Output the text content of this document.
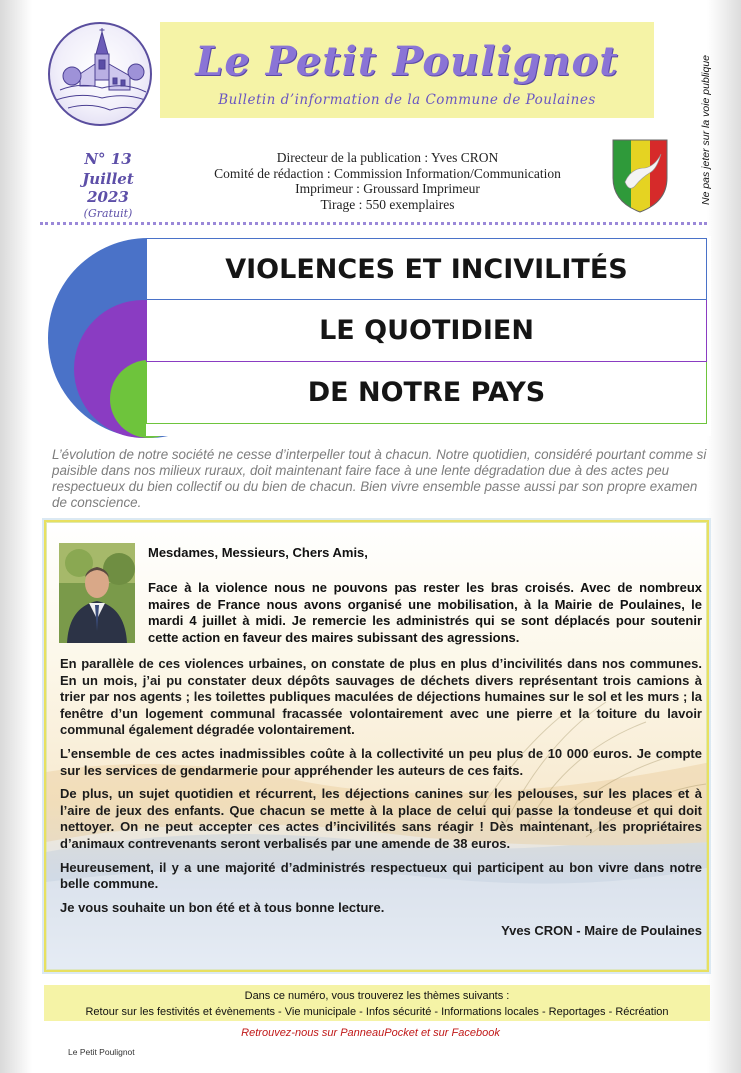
Le Petit Poulignot
Bulletin d’information de la Commune de Poulaines
N° 13
Juillet 2023
(Gratuit)
Directeur de la publication : Yves CRON
Comité de rédaction : Commission Information/Communication
Imprimeur : Groussard Imprimeur
Tirage : 550 exemplaires	Ne pas jeter sur la voie publique
VIOLENCES ET INCIVILITÉS
LE QUOTIDIEN
DE NOTRE PAYS
L’évolution de notre société ne cesse d’interpeller tout à chacun. Notre quotidien, considéré pourtant comme si paisible dans nos milieux ruraux, doit maintenant faire face à une lente dégradation due à des actes peu respectueux du bien collectif ou du bien de chacun. Bien vivre ensemble passe aussi par son propre examen de conscience.
Mesdames, Messieurs, Chers Amis,
Face à la violence nous ne pouvons pas rester les bras croisés. Avec de nombreux maires de France nous avons organisé une mobilisation, à la Mairie de Poulaines, le mardi 4 juillet à midi. Je remercie les administrés qui se sont déplacés pour soutenir cette action en faveur des maires subissant des agressions.

En parallèle de ces violences urbaines, on constate de plus en plus d’incivilités dans nos communes. En un mois, j’ai pu constater deux dépôts sauvages de déchets divers représentant trois camions à trier par nos agents ; les toilettes publiques maculées de déjections humaines sur le sol et les murs ; la fenêtre d’un logement communal fracassée volontairement avec une pierre et la toiture du lavoir communal également dégradée volontairement.

L’ensemble de ces actes inadmissibles coûte à la collectivité un peu plus de 10 000 euros. Je compte sur les services de gendarmerie pour appréhender les auteurs de ces faits.

De plus, un sujet quotidien et récurrent, les déjections canines sur les pelouses, sur les places et à l’aire de jeux des enfants. Que chacun se mette à la place de celui qui passe la tondeuse et qui doit nettoyer. On ne peut accepter ces actes d’incivilités sans réagir ! Dès maintenant, les propriétaires d’animaux contrevenants seront verbalisés par une amende de 38 euros.

Heureusement, il y a une majorité d’administrés respectueux qui participent au bon vivre dans notre belle commune.

Je vous souhaite un bon été et à tous bonne lecture.

Yves CRON - Maire de Poulaines
Dans ce numéro, vous trouverez les thèmes suivants :
Retour sur les festivités et évènements - Vie municipale - Infos sécurité - Informations locales - Reportages - Récréation
Retrouvez-nous sur PanneauPocket et sur Facebook
Le Petit Poulignot
